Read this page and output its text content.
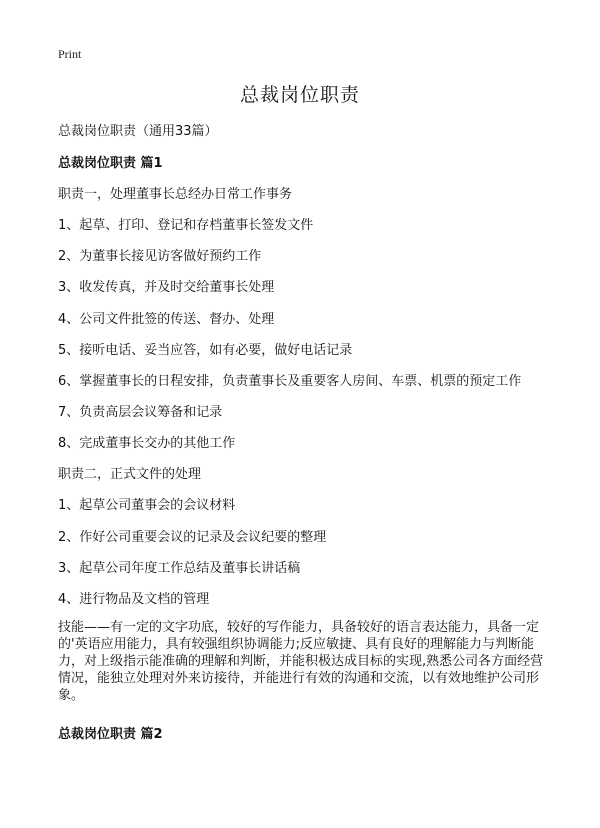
Print
总裁岗位职责
总裁岗位职责（通用33篇）
总裁岗位职责 篇1
职责一，处理董事长总经办日常工作事务
1、起草、打印、登记和存档董事长签发文件
2、为董事长接见访客做好预约工作
3、收发传真，并及时交给董事长处理
4、公司文件批签的传送、督办、处理
5、接听电话、妥当应答，如有必要，做好电话记录
6、掌握董事长的日程安排，负责董事长及重要客人房间、车票、机票的预定工作
7、负责高层会议筹备和记录
8、完成董事长交办的其他工作
职责二，正式文件的处理
1、起草公司董事会的会议材料
2、作好公司重要会议的记录及会议纪要的整理
3、起草公司年度工作总结及董事长讲话稿
4、进行物品及文档的管理
技能——有一定的文字功底，较好的写作能力，具备较好的语言表达能力，具备一定的'英语应用能力，具有较强组织协调能力;反应敏捷、具有良好的理解能力与判断能力，对上级指示能准确的理解和判断，并能积极达成目标的实现,熟悉公司各方面经营情况，能独立处理对外来访接待，并能进行有效的沟通和交流，以有效地维护公司形象。
总裁岗位职责 篇2
